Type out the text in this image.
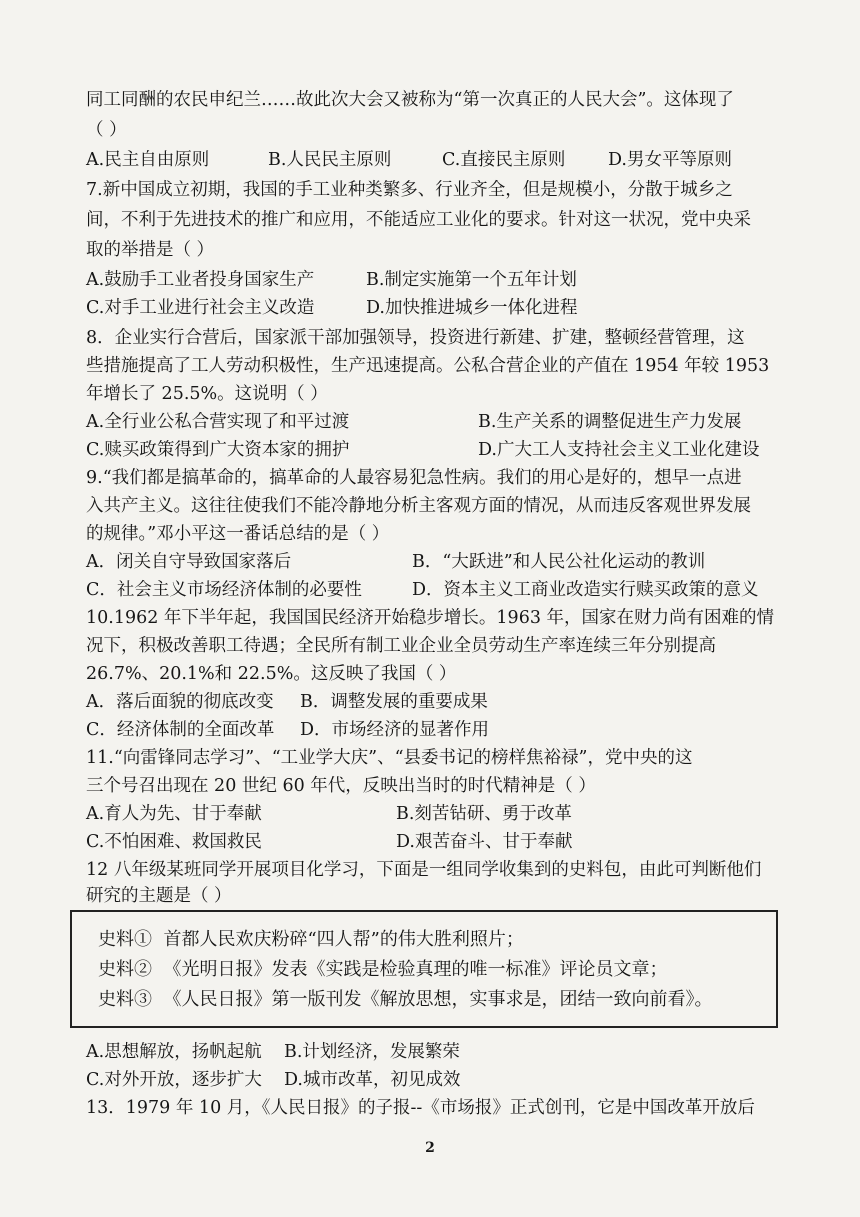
同工同酬的农民申纪兰……故此次大会又被称为“第一次真正的人民大会”。这体现了
（ ）
A.民主自由原则	B.人民民主原则	C.直接民主原则 D.男女平等原则
7.新中国成立初期，我国的手工业种类繁多、行业齐全，但是规模小，分散于城乡之
间，不利于先进技术的推广和应用，不能适应工业化的要求。针对这一状况，党中央采
取的举措是（ ）
A.鼓励手工业者投身国家生产	B.制定实施第一个五年计划
C.对手工业进行社会主义改造	D.加快推进城乡一体化进程
8．企业实行合营后，国家派干部加强领导，投资进行新建、扩建，整顿经营管理，这
些措施提高了工人劳动积极性，生产迅速提高。公私合营企业的产值在 1954 年较 1953
年增长了 25.5%。这说明（ ）
A.全行业公私合营实现了和平过渡	B.生产关系的调整促进生产力发展
C.赎买政策得到广大资本家的拥护	D.广大工人支持社会主义工业化建设
9.“我们都是搞革命的，搞革命的人最容易犯急性病。我们的用心是好的，想早一点进
入共产主义。这往往使我们不能冷静地分析主客观方面的情况，从而违反客观世界发展
的规律。”邓小平这一番话总结的是（ ）
A．闭关自守导致国家落后	B．“大跃进”和人民公社化运动的教训
C．社会主义市场经济体制的必要性	D．资本主义工商业改造实行赎买政策的意义
10.1962 年下半年起，我国国民经济开始稳步增长。1963 年，国家在财力尚有困难的情
况下，积极改善职工待遇；全民所有制工业企业全员劳动生产率连续三年分别提高
26.7%、20.1%和 22.5%。这反映了我国（ ）
A．落后面貌的彻底改变 B．调整发展的重要成果
C．经济体制的全面改革 D．市场经济的显著作用
11.“向雷锋同志学习”、“工业学大庆”、“县委书记的榜样焦裕禄”，党中央的这
三个号召出现在 20 世纪 60 年代，反映出当时的时代精神是（ ）
A.育人为先、甘于奉献	B.刻苦钻研、勇于改革
C.不怕困难、救国救民	D.艰苦奋斗、甘于奉献
12 八年级某班同学开展项目化学习，下面是一组同学收集到的史料包，由此可判断他们
研究的主题是（ ）
史料① 首都人民欢庆粉碎“四人帮”的伟大胜利照片；
史料② 《光明日报》发表《实践是检验真理的唯一标准》评论员文章；
史料③ 《人民日报》第一版刊发《解放思想，实事求是，团结一致向前看》。
A.思想解放，扬帆起航 B.计划经济，发展繁荣
C.对外开放，逐步扩大 D.城市改革，初见成效
13．1979 年 10 月，《人民日报》的子报--《市场报》正式创刊，它是中国改革开放后
2
